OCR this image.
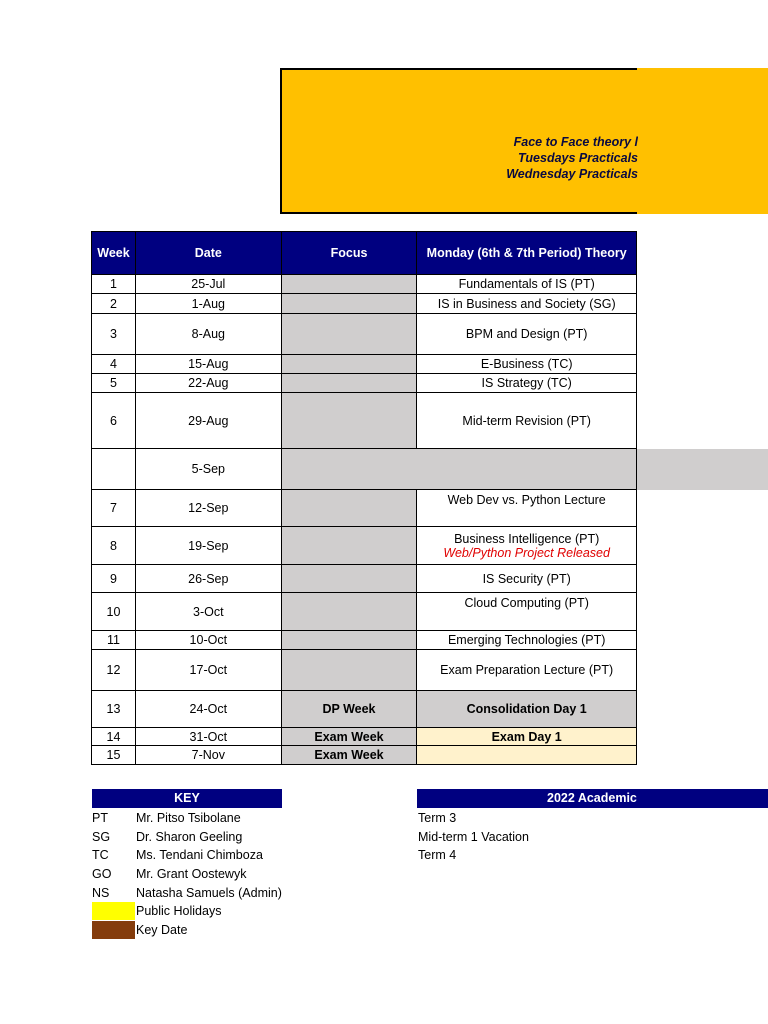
Face to Face theory l
Tuesdays Practicals
Wednesday Practicals
Week	Date	Focus	Monday (6th & 7th Period) Theory
1	25-Jul		Fundamentals of IS (PT)
2	1-Aug		IS in Business and Society (SG)
3	8-Aug		BPM and Design (PT)
4	15-Aug		E-Business (TC)
5	22-Aug		IS Strategy (TC)
6	29-Aug		Mid-term Revision (PT)
	5-Sep		
7	12-Sep		Web Dev vs. Python Lecture
8	19-Sep		Business Intelligence (PT)
Web/Python Project Released

9	26-Sep		IS Security (PT)
10	3-Oct		Cloud Computing (PT)
11	10-Oct		Emerging Technologies (PT)
12	17-Oct		Exam Preparation Lecture (PT)
13	24-Oct	DP Week	Consolidation Day 1
14	31-Oct	Exam Week	Exam Day 1
15	7-Nov	Exam Week	
KEY	2022 Academic
PT	Mr. Pitso Tsibolane
SG	Dr. Sharon Geeling
TC	Ms. Tendani Chimboza
GO	Mr. Grant Oostewyk
NS	Natasha Samuels (Admin)
Public Holidays
Key Date
Term 3
Mid-term 1 Vacation
Term 4
